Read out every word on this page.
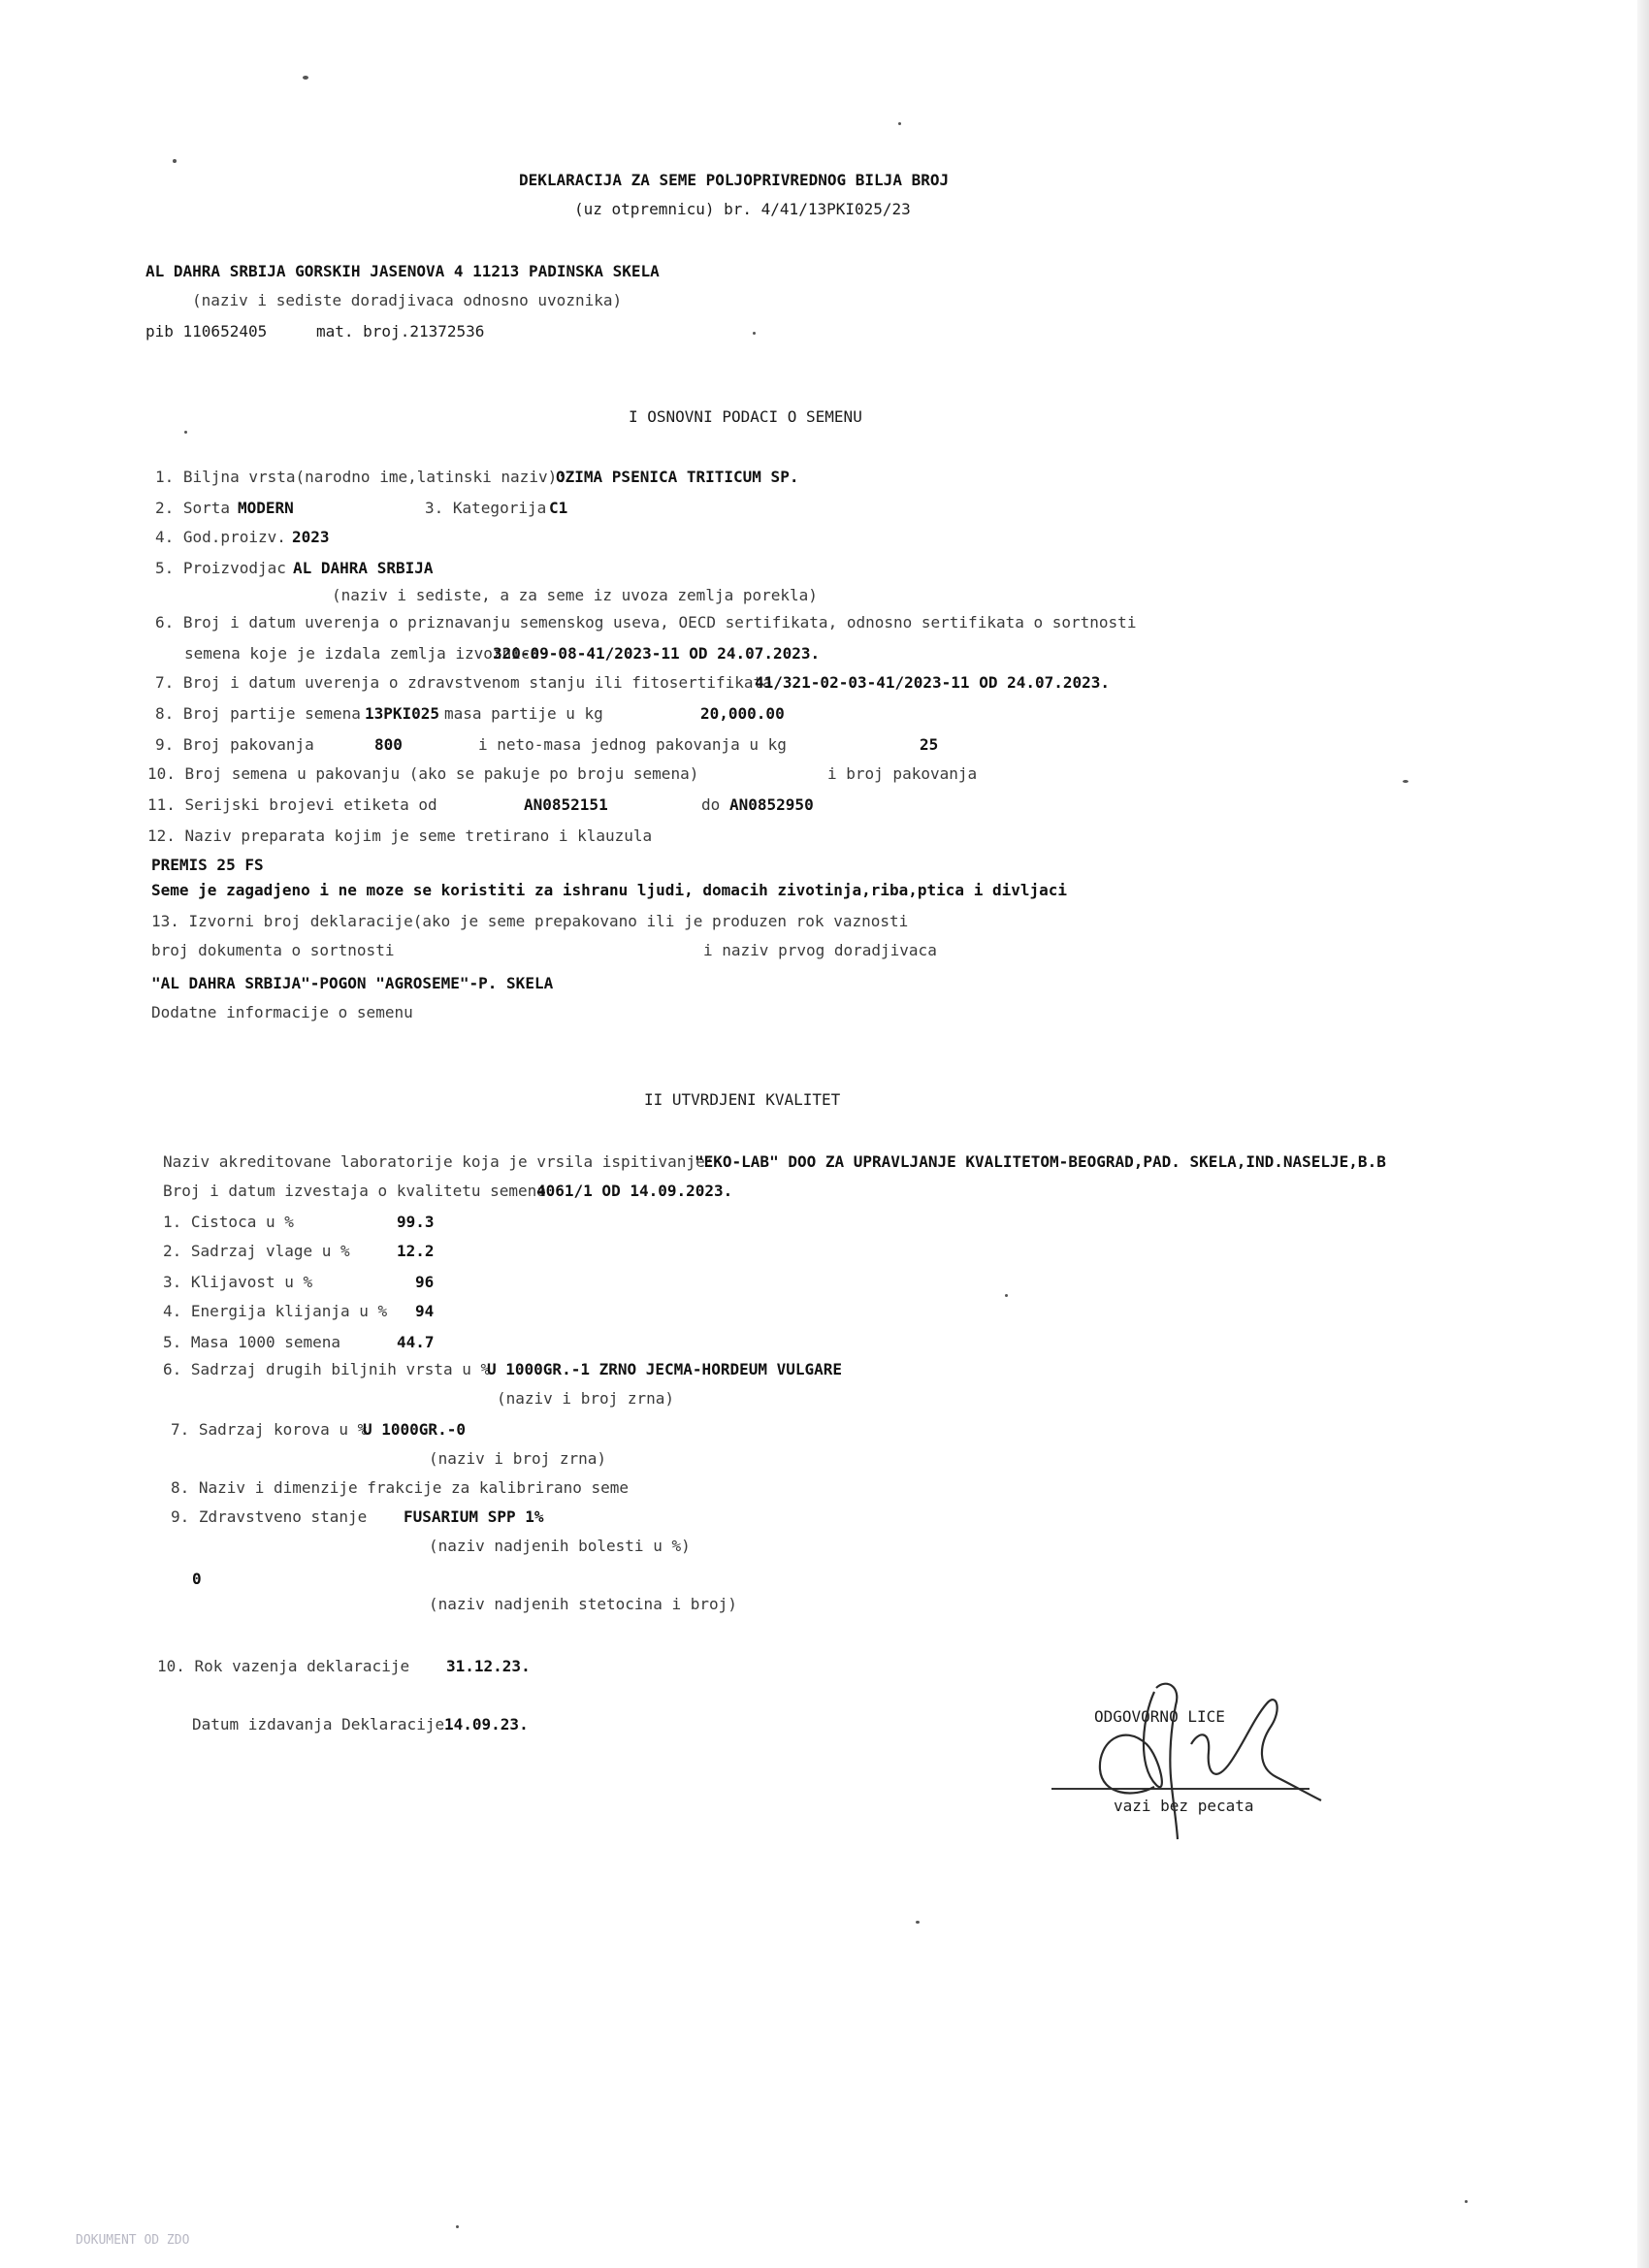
DEKLARACIJA ZA SEME POLJOPRIVREDNOG BILJA BROJ
(uz otpremnicu) br. 4/41/13PKI025/23
AL DAHRA SRBIJA GORSKIH JASENOVA 4 11213 PADINSKA SKELA
(naziv i sediste doradjivaca odnosno uvoznika)
pib 110652405	mat. broj.21372536
I OSNOVNI PODACI O SEMENU
1. Biljna vrsta(narodno ime,latinski naziv):
OZIMA PSENICA TRITICUM SP.
2. Sorta MODERN	3. Kategorija C1
4. God.proizv. 2023
5. Proizvodjac AL DAHRA SRBIJA
(naziv i sediste, a za seme iz uvoza zemlja porekla)
6. Broj i datum uverenja o priznavanju semenskog useva, OECD sertifikata, odnosno sertifikata o sortnosti
semena koje je izdala zemlja izvoznica
320-09-08-41/2023-11 OD 24.07.2023.
7. Broj i datum uverenja o zdravstvenom stanju ili fitosertifikata
41/321-02-03-41/2023-11 OD 24.07.2023.
8. Broj partije semena 13PKI025 masa partije u kg	20,000.00
9. Broj pakovanja	800	i neto-masa jednog pakovanja u kg	25
10. Broj semena u pakovanju (ako se pakuje po broju semena)	i broj pakovanja
11. Serijski brojevi etiketa od	AN0852151	do AN0852950
12. Naziv preparata kojim je seme tretirano i klauzula
PREMIS 25 FS
Seme je zagadjeno i ne moze se koristiti za ishranu ljudi, domacih zivotinja,riba,ptica i divljaci
13. Izvorni broj deklaracije(ako je seme prepakovano ili je produzen rok vaznosti
broj dokumenta o sortnosti	i naziv prvog doradjivaca
"AL DAHRA SRBIJA"-POGON "AGROSEME"-P. SKELA
Dodatne informacije o semenu
II UTVRDJENI KVALITET
Naziv akreditovane laboratorije koja je vrsila ispitivanje:
"EKO-LAB" DOO ZA UPRAVLJANJE KVALITETOM-BEOGRAD,PAD. SKELA,IND.NASELJE,B.B
Broj i datum izvestaja o kvalitetu semena
4061/1 OD 14.09.2023.
1. Cistoca u %	99.3
2. Sadrzaj vlage u %	12.2
3. Klijavost u %	96
4. Energija klijanja u % 94
5. Masa 1000 semena	44.7
6. Sadrzaj drugih biljnih vrsta u %
U 1000GR.-1 ZRNO JECMA-HORDEUM VULGARE
(naziv i broj zrna)
7. Sadrzaj korova u %
U 1000GR.-0
(naziv i broj zrna)
8. Naziv i dimenzije frakcije za kalibrirano seme
9. Zdravstveno stanje FUSARIUM SPP 1%
(naziv nadjenih bolesti u %)
0
(naziv nadjenih stetocina i broj)
10. Rok vazenja deklaracije 31.12.23.
Datum izdavanja Deklaracije 14.09.23.	ODGOVORNO LICE
vazi bez pecata
DOKUMENT OD ZDO
